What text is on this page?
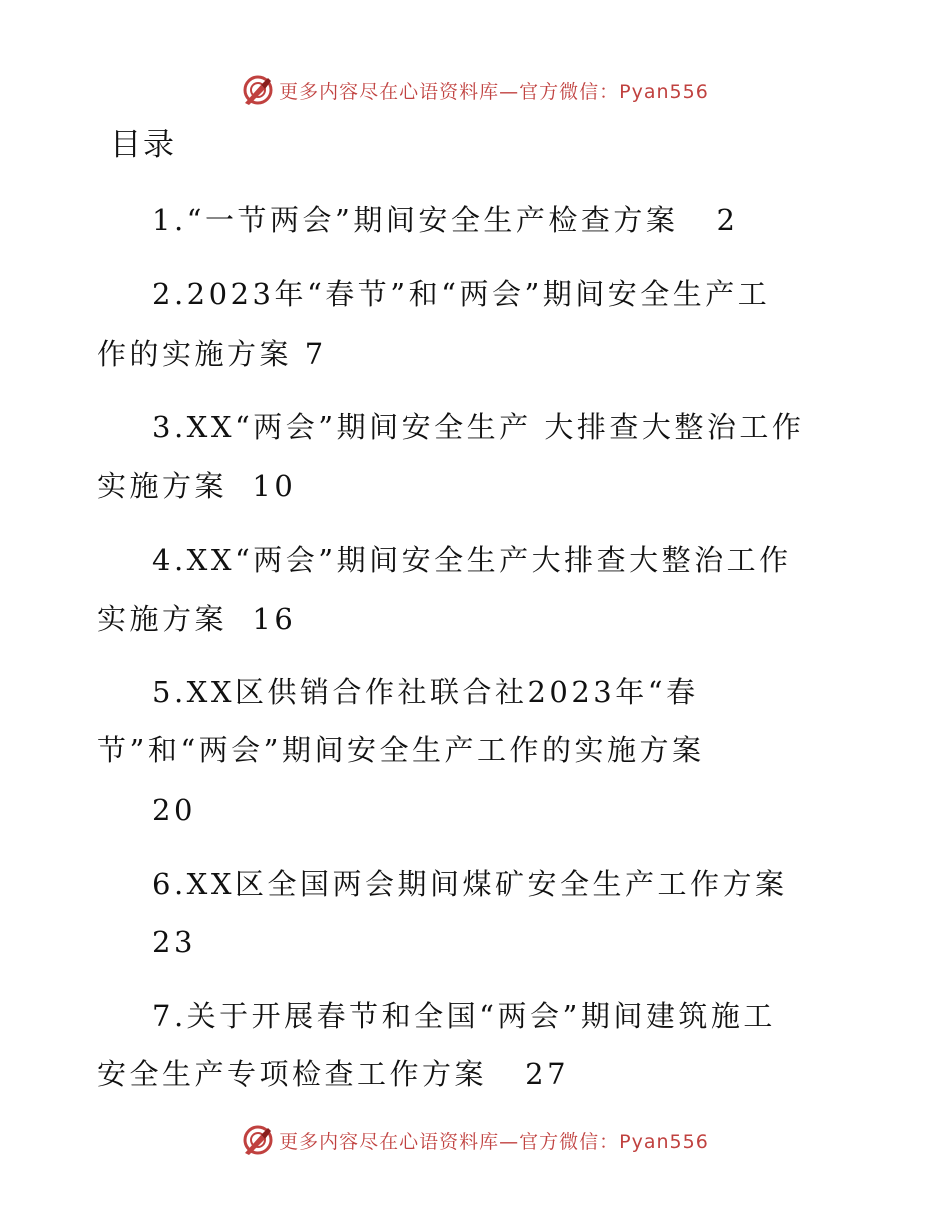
更多内容尽在心语资料库—官方微信：Pyan556
目录
1.“一节两会”期间安全生产检查方案   2
2.2023年“春节”和“两会”期间安全生产工
作的实施方案 7
3.XX“两会”期间安全生产 大排查大整治工作
实施方案  10
4.XX“两会”期间安全生产大排查大整治工作
实施方案  16
5.XX区供销合作社联合社2023年“春
节”和“两会”期间安全生产工作的实施方案
20
6.XX区全国两会期间煤矿安全生产工作方案
23
7.关于开展春节和全国“两会”期间建筑施工
安全生产专项检查工作方案   27
更多内容尽在心语资料库—官方微信：Pyan556
